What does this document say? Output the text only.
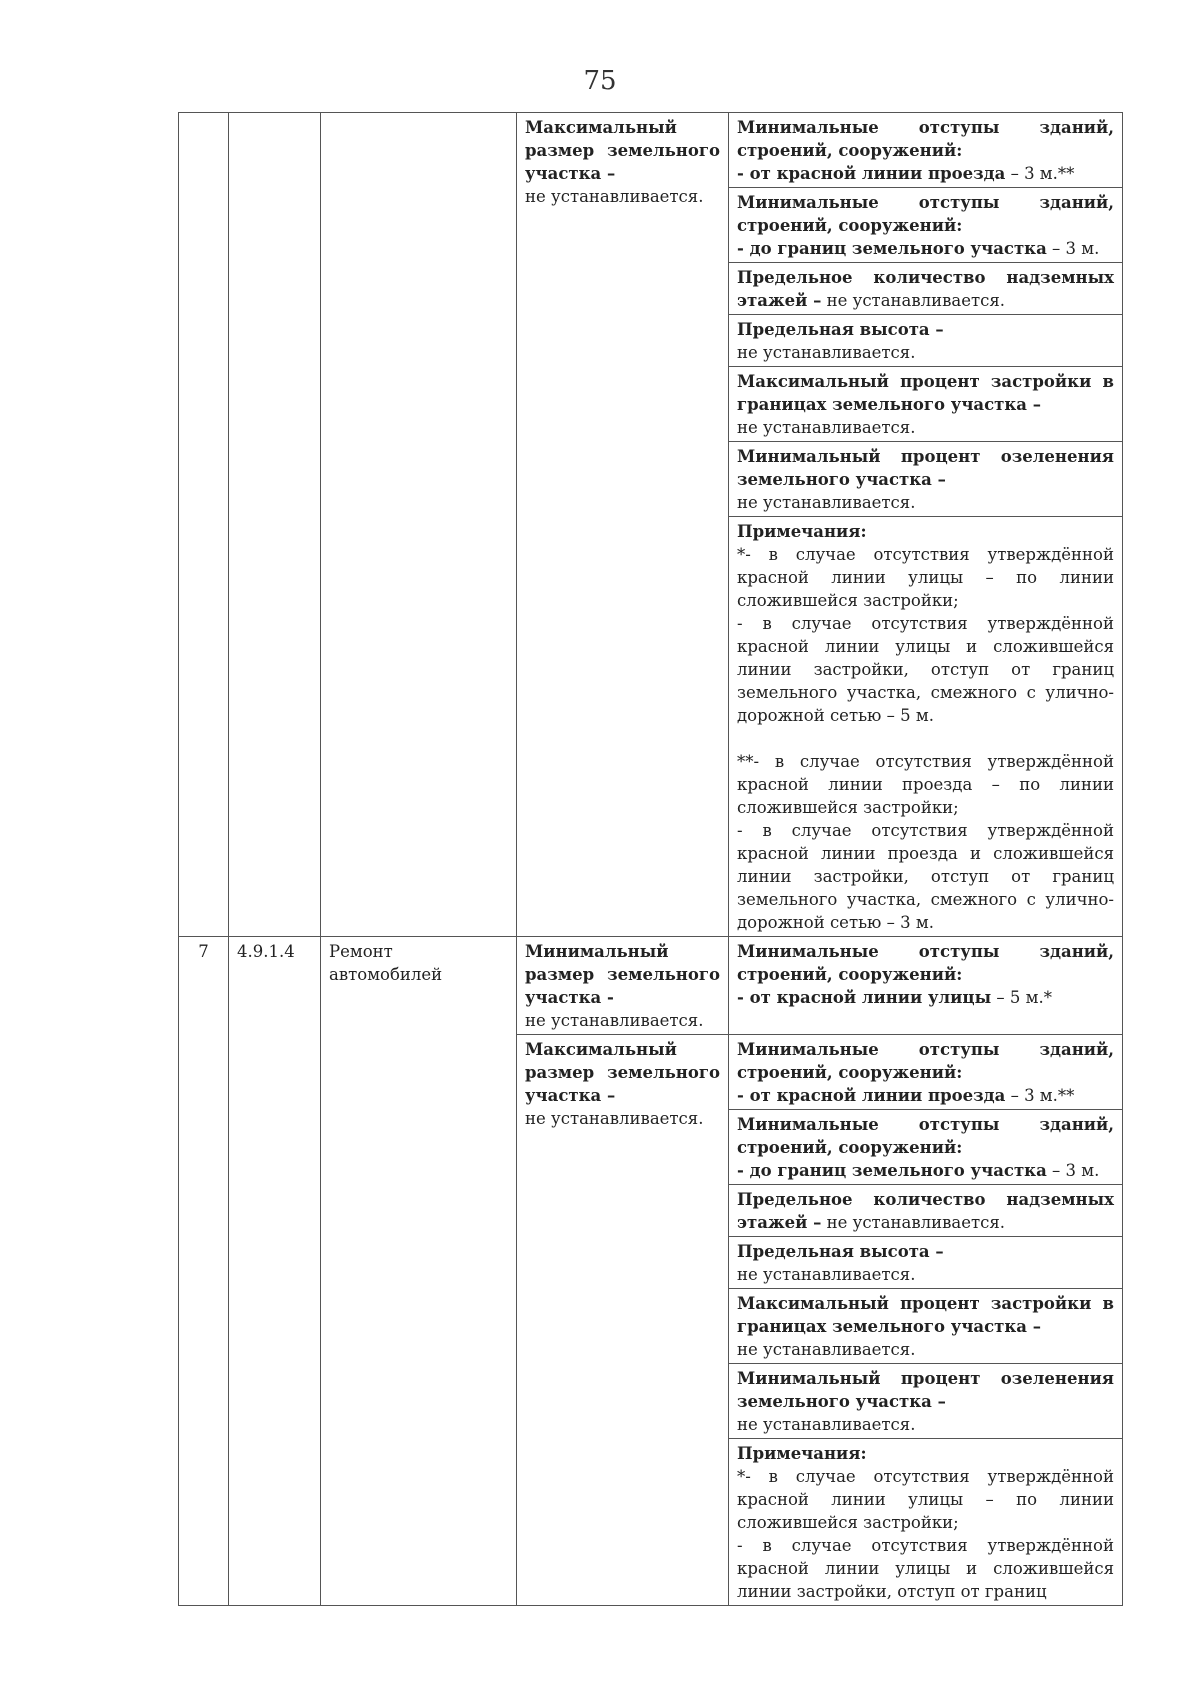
75

			Максимальный размер земельного участка –
не устанавливается.	Минимальные отступы зданий, строений, сооружений:
- от красной линии проезда – 3 м.**

				Минимальные отступы зданий, строений, сооружений:
- до границ земельного участка – 3 м.
				Предельное количество надземных этажей – не устанавливается.

				Предельная высота –
не устанавливается.

				Максимальный процент застройки в границах земельного участка –
не устанавливается.

				Минимальный процент озеленения земельного участка –
не устанавливается.

				Примечания:
*- в случае отсутствия утверждённой красной линии улицы – по линии сложившейся застройки;
- в случае отсутствия утверждённой красной линии улицы и сложившейся линии застройки, отступ от границ земельного участка, смежного с улично-дорожной сетью – 5 м.
**- в случае отсутствия утверждённой красной линии проезда – по линии сложившейся застройки;
- в случае отсутствия утверждённой красной линии проезда и сложившейся линии застройки, отступ от границ земельного участка, смежного с улично-дорожной сетью – 3 м.

7	4.9.1.4	Ремонт автомобилей	Минимальный размер земельного участка -
не устанавливается.	Минимальные отступы зданий, строений, сооружений:
- от красной линии улицы – 5 м.*

			Максимальный размер земельного участка –
не устанавливается.	Минимальные отступы зданий, строений, сооружений:
- от красной линии проезда – 3 м.**

				Минимальные отступы зданий, строений, сооружений:
- до границ земельного участка – 3 м.
				Предельное количество надземных этажей – не устанавливается.

				Предельная высота –
не устанавливается.

				Максимальный процент застройки в границах земельного участка –
не устанавливается.

				Минимальный процент озеленения земельного участка –
не устанавливается.

				Примечания:
*- в случае отсутствия утверждённой красной линии улицы – по линии сложившейся застройки;
- в случае отсутствия утверждённой красной линии улицы и сложившейся линии застройки, отступ от границ
